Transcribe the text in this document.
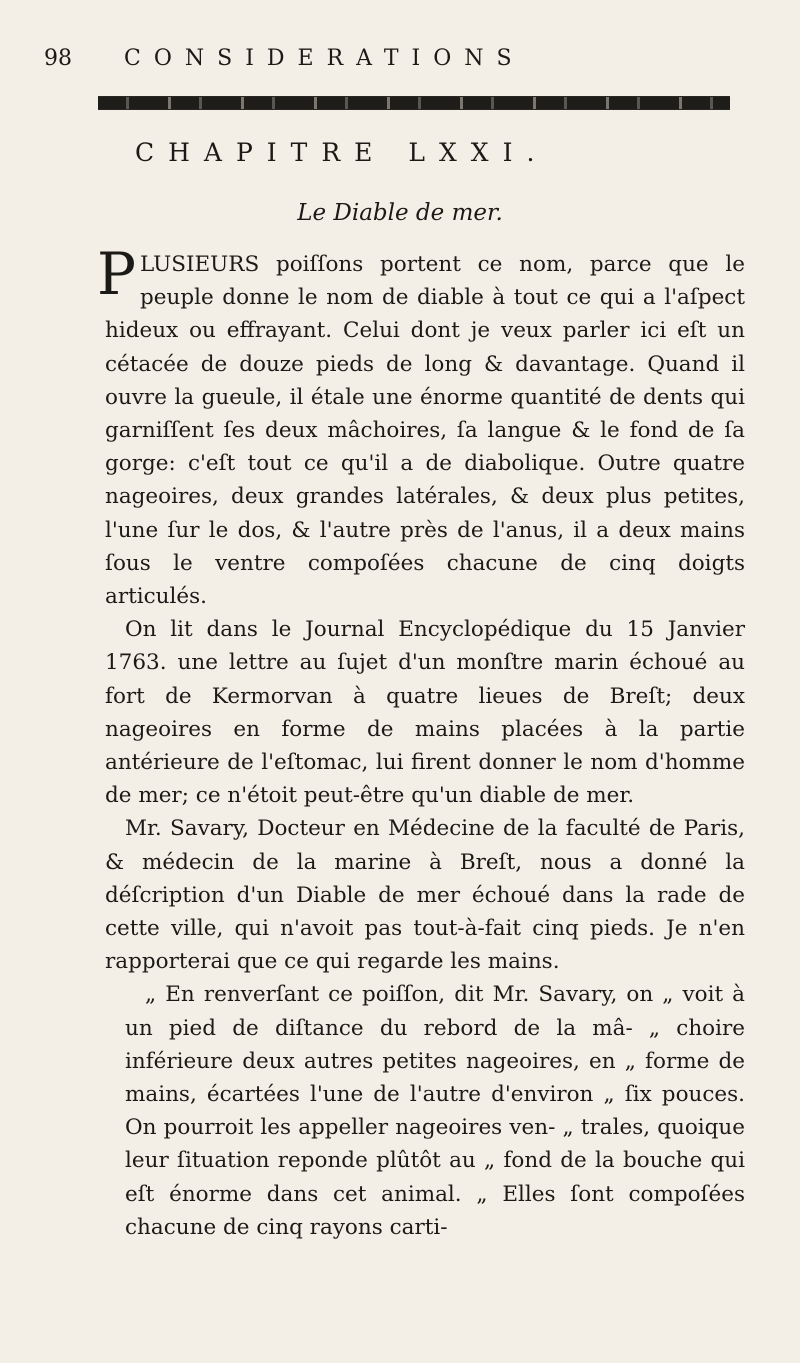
98	CONSIDERATIONS
CHAPITRE LXXI.
Le Diable de mer.

P LUSIEURS poiſſons portent ce nom, parce que le peuple donne le nom de diable à tout ce qui a l'aſpect hideux ou effrayant. Celui dont je veux parler ici eſt un cétacée de douze pieds de long & davantage. Quand il ouvre la gueule, il étale une énorme quantité de dents qui garniſſent ſes deux mâchoires, ſa langue & le fond de ſa gorge: c'eſt tout ce qu'il a de diabolique. Outre quatre nageoires, deux grandes latérales, & deux plus petites, l'une ſur le dos, & l'autre près de l'anus, il a deux mains ſous le ventre compoſées chacune de cinq doigts articulés.

On lit dans le Journal Encyclopédique du 15 Janvier 1763. une lettre au ſujet d'un monſtre marin échoué au fort de Kermorvan à quatre lieues de Breſt; deux nageoires en forme de mains placées à la partie antérieure de l'eſtomac, lui firent donner le nom d'homme de mer; ce n'étoit peut-être qu'un diable de mer.

Mr. Savary, Docteur en Médecine de la faculté de Paris, & médecin de la marine à Breſt, nous a donné la déſcription d'un Diable de mer échoué dans la rade de cette ville, qui n'avoit pas tout-à-fait cinq pieds. Je n'en rapporterai que ce qui regarde les mains.

„ En renverſant ce poiſſon, dit Mr. Savary, on „ voit à un pied de diſtance du rebord de la mâ- „ choire inférieure deux autres petites nageoires, en „ forme de mains, écartées l'une de l'autre d'environ „ ſix pouces. On pourroit les appeller nageoires ven- „ trales, quoique leur ſituation reponde plûtôt au „ fond de la bouche qui eſt énorme dans cet animal. „ Elles ſont compoſées chacune de cinq rayons carti-
